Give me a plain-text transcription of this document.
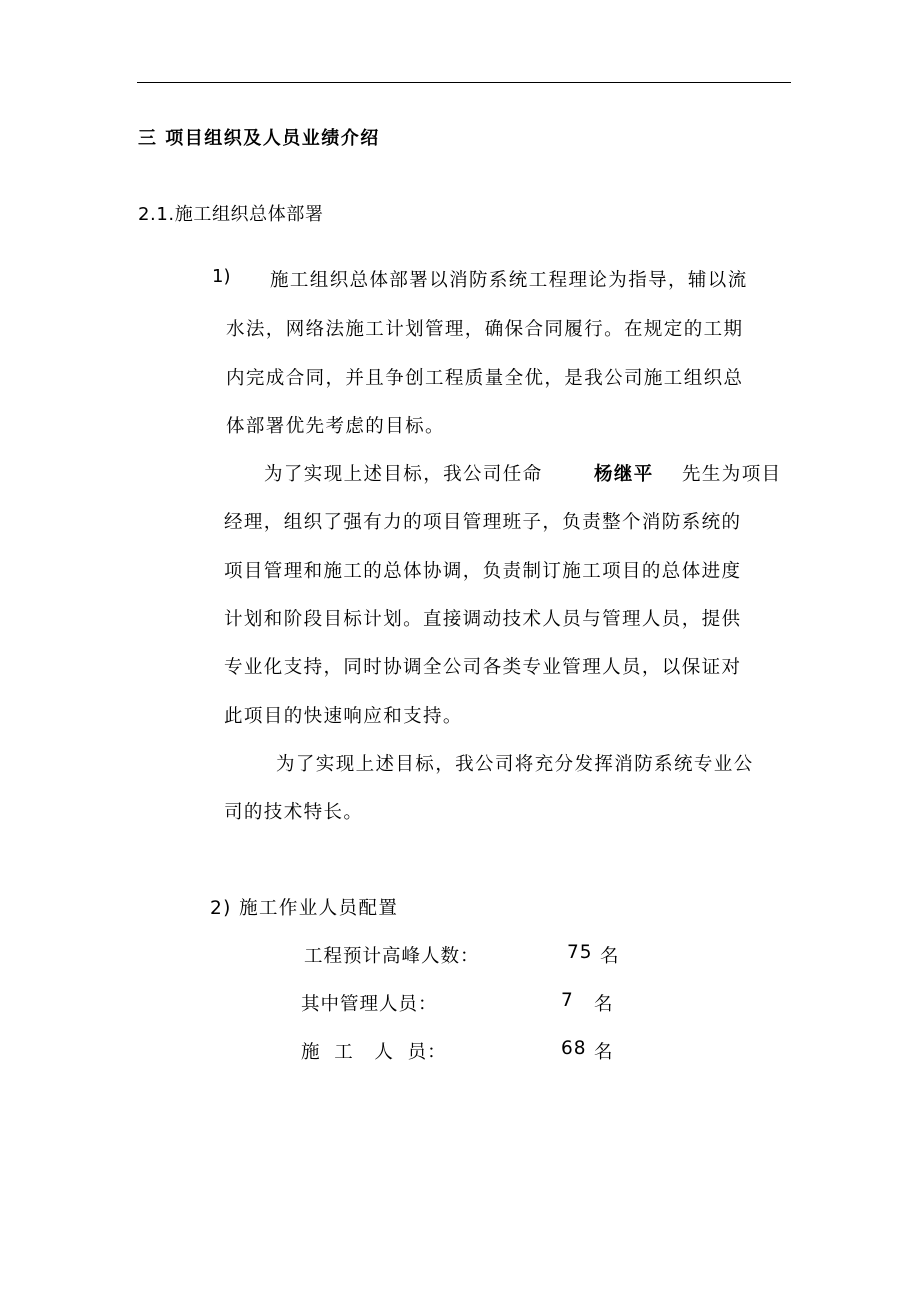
三 项目组织及人员业绩介绍
2.1.施工组织总体部署
1) 施工组织总体部署以消防系统工程理论为指导，辅以流
水法，网络法施工计划管理，确保合同履行。在规定的工期
内完成合同，并且争创工程质量全优，是我公司施工组织总
体部署优先考虑的目标。
为了实现上述目标，我公司任命	杨继平 先生为项目
经理，组织了强有力的项目管理班子，负责整个消防系统的
项目管理和施工的总体协调，负责制订施工项目的总体进度
计划和阶段目标计划。直接调动技术人员与管理人员，提供
专业化支持，同时协调全公司各类专业管理人员，以保证对
此项目的快速响应和支持。
为了实现上述目标，我公司将充分发挥消防系统专业公
司的技术特长。
2) 施工作业人员配置
工程预计高峰人数：	75 名
其中管理人员：	7 名
施  工   人  员：	68 名
